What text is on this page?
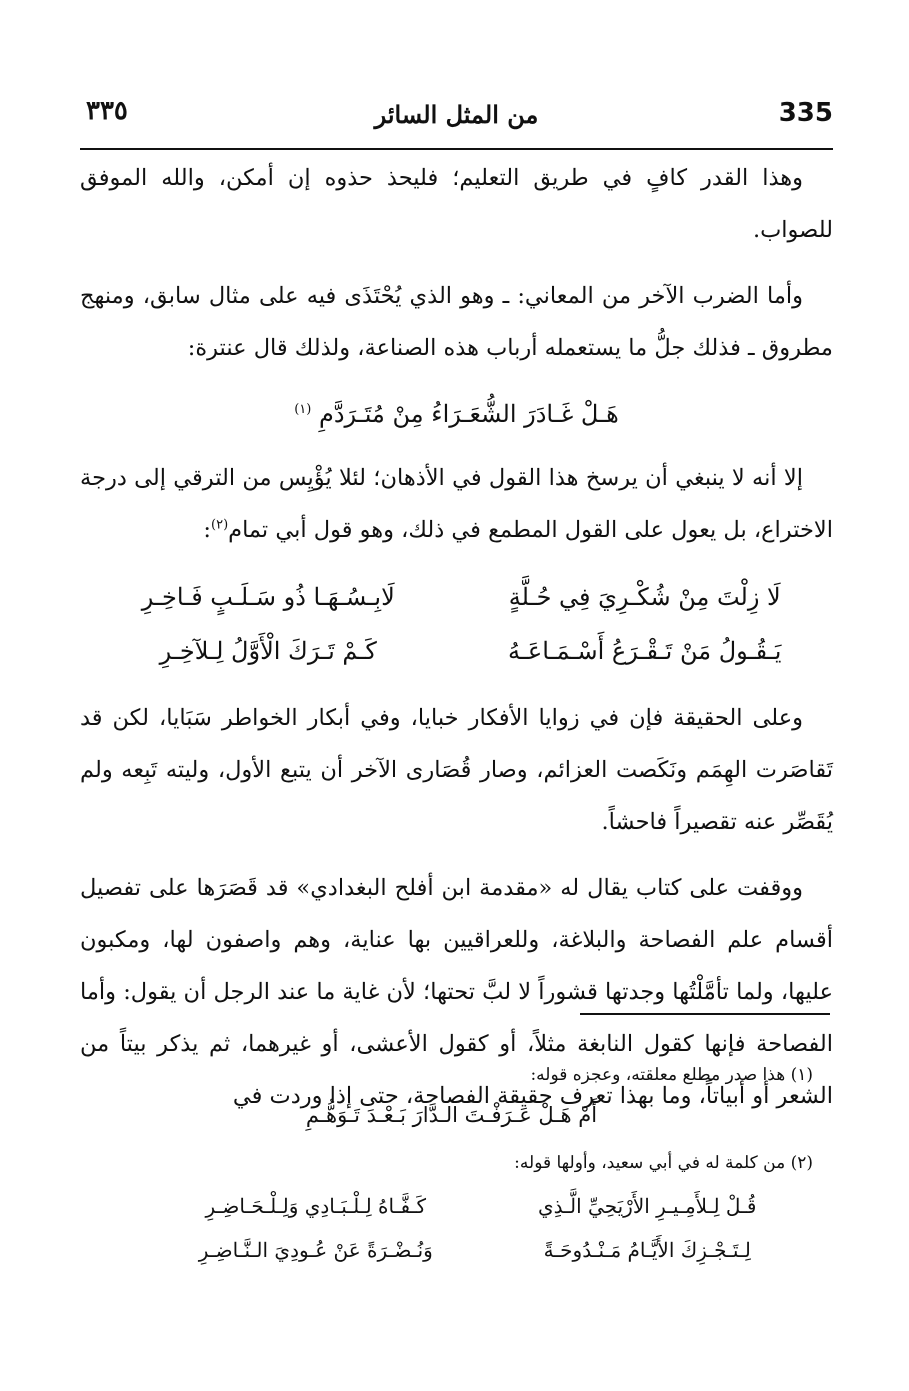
335
من المثل السائر
٣٣٥

وهذا القدر كافٍ في طريق التعليم؛ فليحذ حذوه إن أمكن، والله الموفق للصواب.

وأما الضرب الآخر من المعاني: ـ وهو الذي يُحْتَذَى فيه على مثال سابق، ومنهج مطروق ـ فذلك جلُّ ما يستعمله أرباب هذه الصناعة، ولذلك قال عنترة:

هَـلْ غَـادَرَ الشُّعَـرَاءُ مِنْ مُتَـرَدَّمِ $^{(١)}$

إلا أنه لا ينبغي أن يرسخ هذا القول في الأذهان؛ لئلا يُؤْيِس من الترقي إلى درجة الاختراع، بل يعول على القول المطمع في ذلك، وهو قول أبي تمام$^{(٢)}$:

لَا زِلْتَ مِنْ شُكْـرِيَ فِي حُـلَّةٍ	لَابِـسُـهَـا ذُو سَـلَـبٍ فَـاخِـرِ
يَـقُـولُ مَنْ تَـقْـرَعُ أَسْـمَـاعَـهُ	كَـمْ تَـرَكَ الْأَوَّلُ لِـلآخِـرِ

وعلى الحقيقة فإن في زوايا الأفكار خبايا، وفي أبكار الخواطر سَبَايا، لكن قد تَقاصَرت الهِمَم ونَكَصت العزائم، وصار قُصَارى الآخر أن يتبع الأول، وليته تَبِعه ولم يُقَصِّر عنه تقصيراً فاحشاً.

ووقفت على كتاب يقال له «مقدمة ابن أفلح البغدادي» قد قَصَرَها على تفصيل أقسام علم الفصاحة والبلاغة، وللعراقيين بها عناية، وهم واصفون لها، ومكبون عليها، ولما تأمَّلْتُها وجدتها قشوراً لا لبَّ تحتها؛ لأن غاية ما عند الرجل أن يقول: وأما الفصاحة فإنها كقول النابغة مثلاً، أو كقول الأعشى، أو غيرهما، ثم يذكر بيتاً من الشعر أو أبياتاً، وما بهذا تعرف حقيقة الفصاحة، حتى إذا وردت في

(١) هذا صدر مطلع معلقته، وعجزه قوله:
أَمْ هَـلْ عَـرَفْـتَ الـدَّارَ بَـعْـدَ تَـوَهُّـمِ
(٢) من كلمة له في أبي سعيد، وأولها قوله:
قُـلْ لِـلأَمِـيـرِ الأَرْيَحِيِّ الَّـذِي	كَـفَّـاهُ لِـلْـبَـادِي وَلِـلْـحَـاضِـرِ
لِـتَـجْـزِكَ الأَيَّـامُ مَـنْـدُوحَـةً	وَنُـضْـرَةً عَنْ عُـودِيَ الـنَّـاضِـرِ
